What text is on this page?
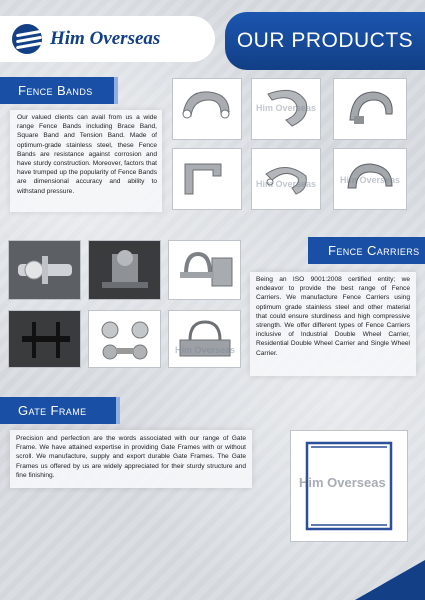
Him Overseas	OUR PRODUCTS
Fence Bands
Our valued clients can avail from us a wide range Fence Bands including Brace Band, Square Band and Tension Band. Made of optimum-grade stainless steel, these Fence Bands are resistance against corrosion and have sturdy construction. Moreover, factors that have trumped up the popularity of Fence Bands are dimensional accuracy and ability to withstand pressure.
Him Overseas
Him Overseas	Him Overseas
Fence Carriers
Him Overseas
Being an ISO 9001:2008 certified entity; we endeavor to provide the best range of Fence Carriers. We manufacture Fence Carriers using optimum grade stainless steel and other material that could ensure sturdiness and high compressive strength. We offer different types of Fence Carriers inclusive of Industrial Double Wheel Carrier, Residential Double Wheel Carrier and Single Wheel Carrier.
Gate Frame
Precision and perfection are the words associated with our range of Gate Frame. We have attained expertise in providing Gate Frames with or without scroll. We manufacture, supply and export durable Gate Frames. The Gate Frames us offered by us are widely appreciated for their sturdy structure and fine finishing.	Him Overseas
